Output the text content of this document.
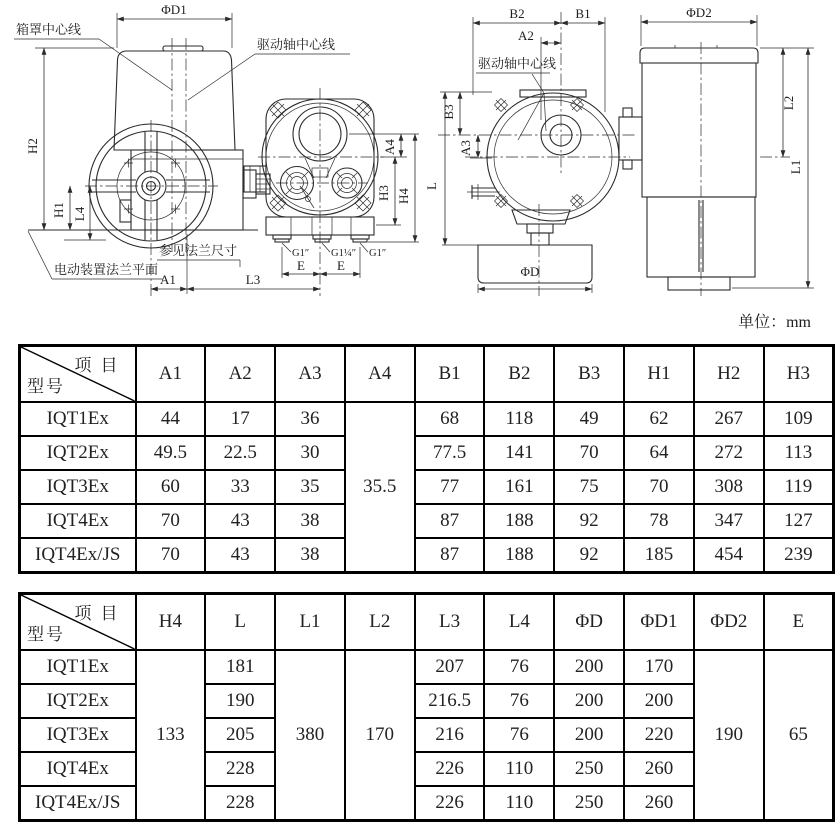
ΦD1
箱罩中心线
驱动轴中心线
H2
H1 L4
参见法兰尺寸
电动装置法兰平面
A1	L3
G1″ G1¼″ G1″
E E
A4
H3 H4
B2	B1
A2
驱动轴中心线
ΦD2
L
B3
A3
ΦD
L2
L1
单位：mm
项目
型号	A1	A2	A3	A4	B1	B2	B3	H1	H2	H3
IQT1Ex	44	17	36	35.5	68	118	49	62	267	109
IQT2Ex	49.5	22.5	30		77.5	141	70	64	272	113
IQT3Ex	60	33	35		77	161	75	70	308	119
IQT4Ex	70	43	38		87	188	92	78	347	127
IQT4Ex/JS	70	43	38		87	188	92	185	454	239
项目
型号	H4	L	L1	L2	L3	L4	ΦD	ΦD1	ΦD2	E
IQT1Ex	133	181	380	170	207	76	200	170	190	65
IQT2Ex		190			216.5	76	200	200		
IQT3Ex		205			216	76	200	220		
IQT4Ex		228			226	110	250	260		
IQT4Ex/JS		228			226	110	250	260		
